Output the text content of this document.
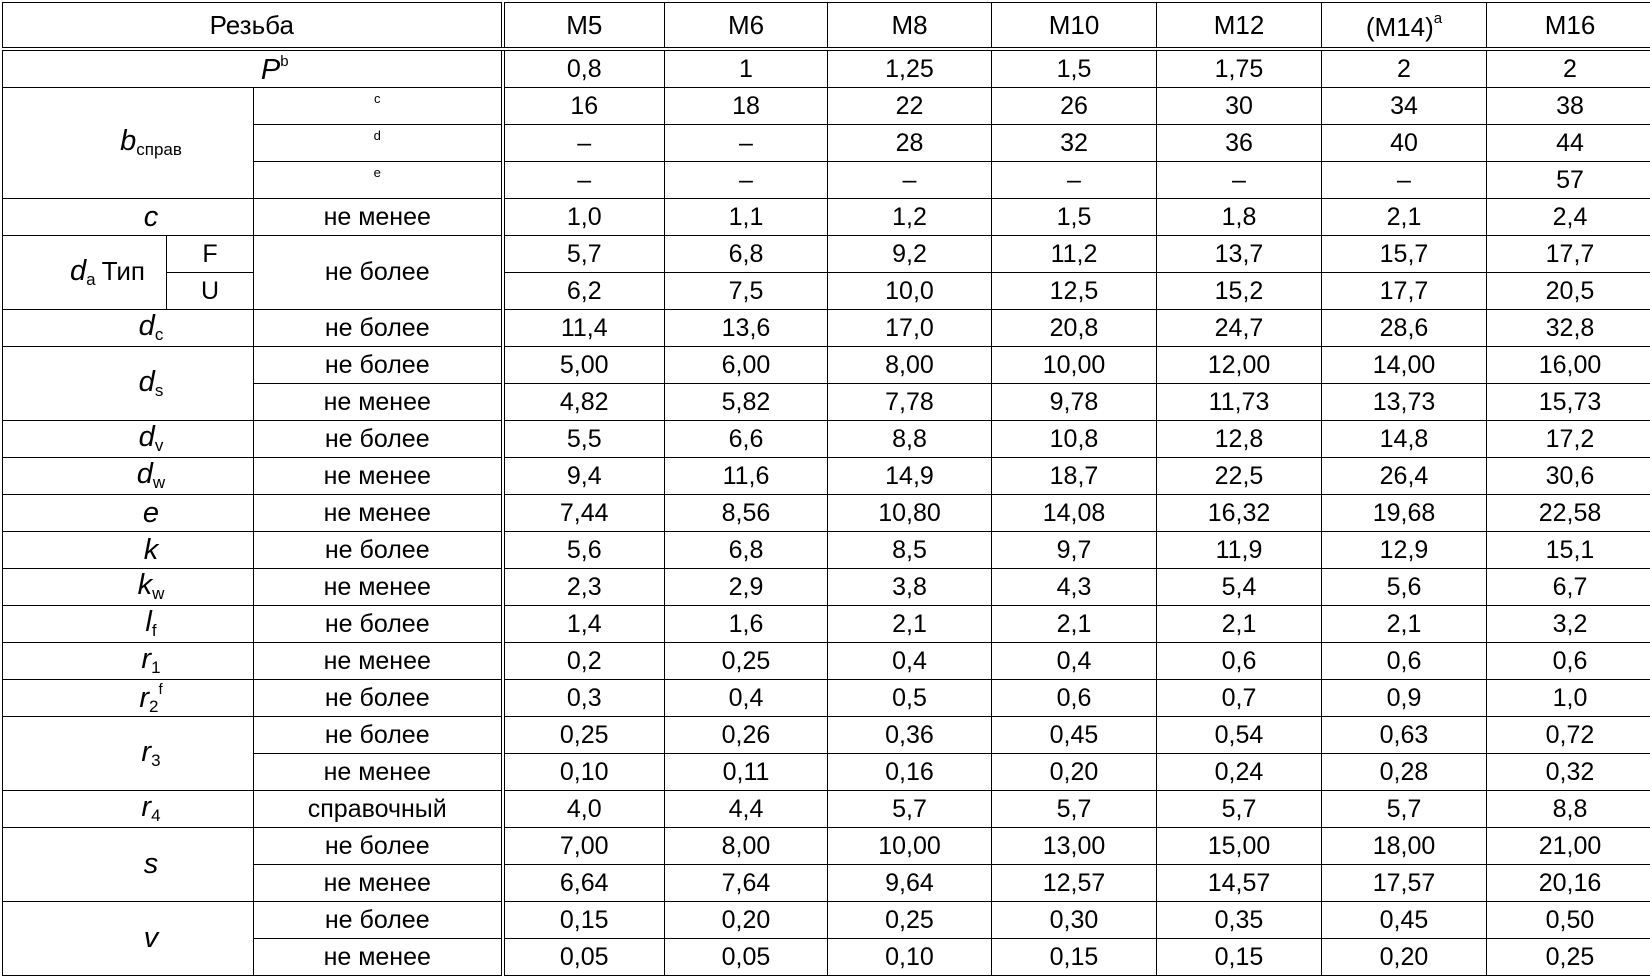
Резьба			M5	M6	M8	M10	M12	$(M14)^a$	M16
$P^b$			0,8	1	1,25	1,5	1,75	2	2
$b_{справ}$		c	16	18	22	26	30	34	38

		d	–	–	28	32	36	40	44

		e	–	–	–	–	–	–	57
c		не менее	1,0	1,1	1,2	1,5	1,8	2,1	2,4
$d_a$ Тип	F	не более	5,7	6,8	9,2	11,2	13,7	15,7	17,7
	U		6,2	7,5	10,0	12,5	15,2	17,7	20,5
$d_c$		не более	11,4	13,6	17,0	20,8	24,7	28,6	32,8
$d_s$		не более	5,00	6,00	8,00	10,00	12,00	14,00	16,00
		не менее	4,82	5,82	7,78	9,78	11,73	13,73	15,73
$d_v$		не более	5,5	6,6	8,8	10,8	12,8	14,8	17,2
$d_w$		не менее	9,4	11,6	14,9	18,7	22,5	26,4	30,6
e		не менее	7,44	8,56	10,80	14,08	16,32	19,68	22,58
k		не более	5,6	6,8	8,5	9,7	11,9	12,9	15,1
$k_w$		не менее	2,3	2,9	3,8	4,3	5,4	5,6	6,7
$l_f$		не более	1,4	1,6	2,1	2,1	2,1	2,1	3,2
$r_1$		не менее	0,2	0,25	0,4	0,4	0,6	0,6	0,6
$r_2^f$		не более	0,3	0,4	0,5	0,6	0,7	0,9	1,0
$r_3$		не более	0,25	0,26	0,36	0,45	0,54	0,63	0,72
		не менее	0,10	0,11	0,16	0,20	0,24	0,28	0,32
$r_4$		справочный	4,0	4,4	5,7	5,7	5,7	5,7	8,8
s		не более	7,00	8,00	10,00	13,00	15,00	18,00	21,00
		не менее	6,64	7,64	9,64	12,57	14,57	17,57	20,16
v		не более	0,15	0,20	0,25	0,30	0,35	0,45	0,50
		не менее	0,05	0,05	0,10	0,15	0,15	0,20	0,25
